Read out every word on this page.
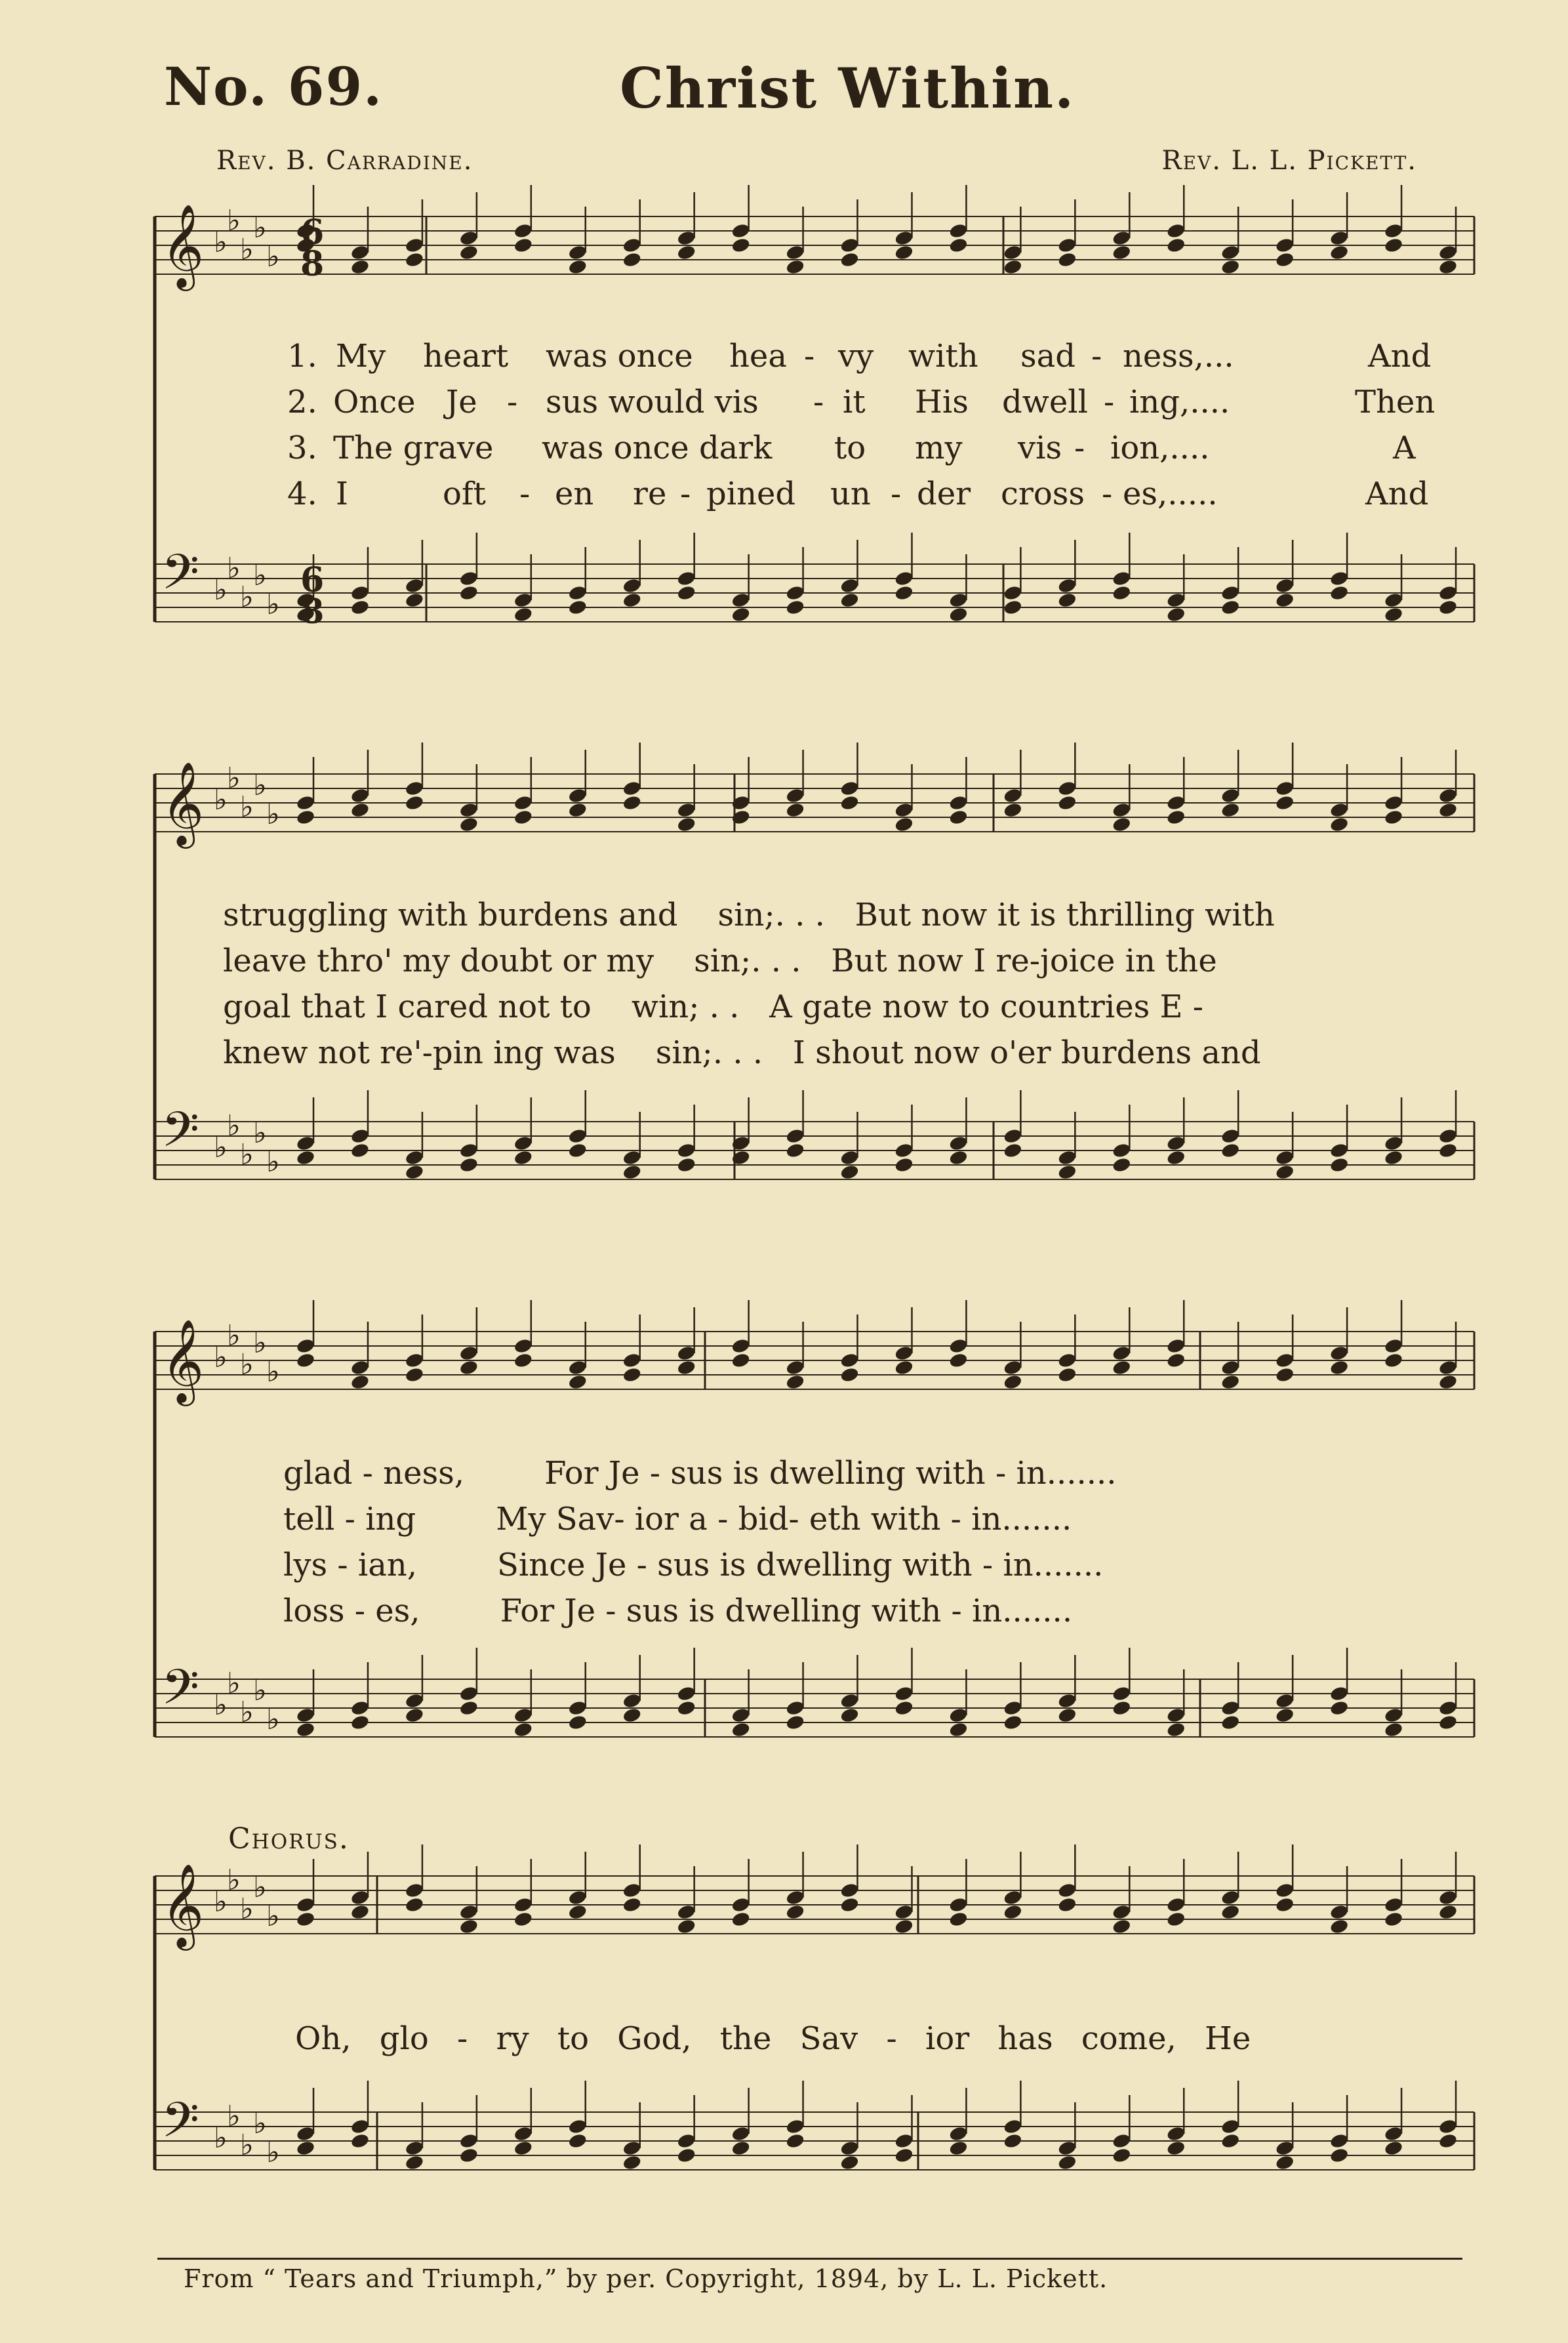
No. 69.	Christ Within.
Rev. B. Carradine.	Rev. L. L. Pickett.
𝄞 ♭
♭
♭
♭
♭
𝄢 ♭
♭
♭
♭
♭
𝄞 ♭
♭
♭
♭
♭
𝄢 ♭
♭
♭
♭
♭
𝄞 ♭
♭
♭
♭
♭
𝄢 ♭
♭
♭
♭
♭
𝄞 ♭
♭
♭
♭
♭
𝄢 ♭
♭
♭
♭
♭
6
8
6
8
1. My heart was once hea - vy with sad - ness,...	And
2. Once Je - sus would vis - it His dwell - ing,....	Then
3. The grave was once dark to my vis - ion,....	A
4. I	oft - en re - pined un - der cross - es,.....	And
struggling with burdens and    sin;. . .   But now it is thrilling with
leave thro' my doubt or my    sin;. . .   But now I re-joice in the
goal that I cared not to    win; . .   A gate now to countries E -
knew not re'-pin ing was    sin;. . .   I shout now o'er burdens and
glad - ness,        For Je - sus is dwelling with - in.......
tell - ing        My Sav- ior a - bid- eth with - in.......
lys - ian,        Since Je - sus is dwelling with - in.......
loss - es,        For Je - sus is dwelling with - in.......
Chorus.
Oh, glo - ry to God, the Sav - ior has come, He
From “ Tears and Triumph,” by per. Copyright, 1894, by L. L. Pickett.
